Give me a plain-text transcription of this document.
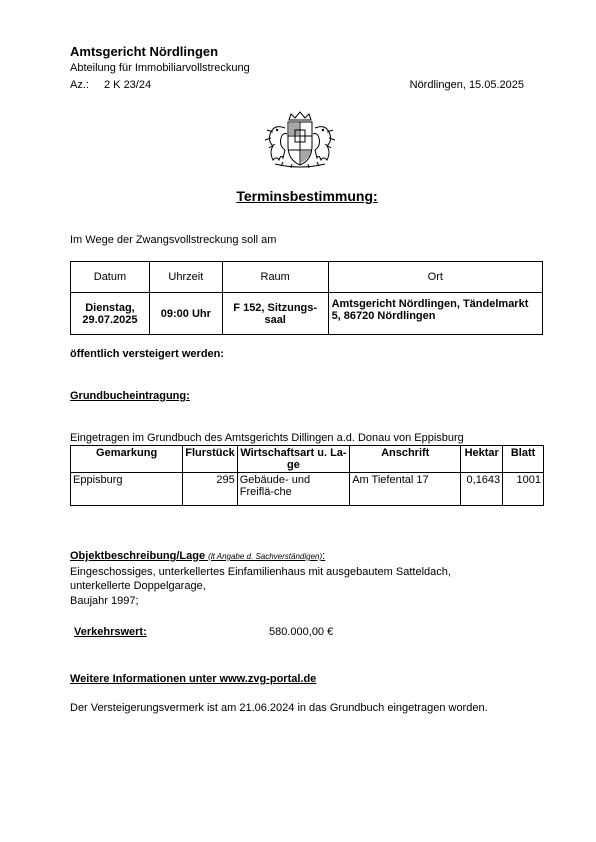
Amtsgericht Nördlingen
Abteilung für Immobiliarvollstreckung
Az.: 2 K 23/24	Nördlingen, 15.05.2025
Terminsbestimmung:
Im Wege der Zwangsvollstreckung soll am
Datum	Uhrzeit	Raum	Ort
Dienstag, 29.07.2025	09:00 Uhr	F 152, Sitzungs-saal	Amtsgericht Nördlingen, Tändelmarkt 5, 86720 Nördlingen
öffentlich versteigert werden:
Grundbucheintragung:
Eingetragen im Grundbuch des Amtsgerichts Dillingen a.d. Donau von Eppisburg
Gemarkung	Flurstück	Wirtschaftsart u. La-ge	Anschrift	Hektar	Blatt
Eppisburg	295	Gebäude- und Freiflä-che	Am Tiefental 17	0,1643	1001
Objektbeschreibung/Lage (lt Angabe d. Sachverständigen):
Eingeschossiges, unterkellertes Einfamilienhaus mit ausgebautem Satteldach,
unterkellerte Doppelgarage,
Baujahr 1997;
Verkehrswert:	580.000,00 €
Weitere Informationen unter www.zvg-portal.de
Der Versteigerungsvermerk ist am 21.06.2024 in das Grundbuch eingetragen worden.
